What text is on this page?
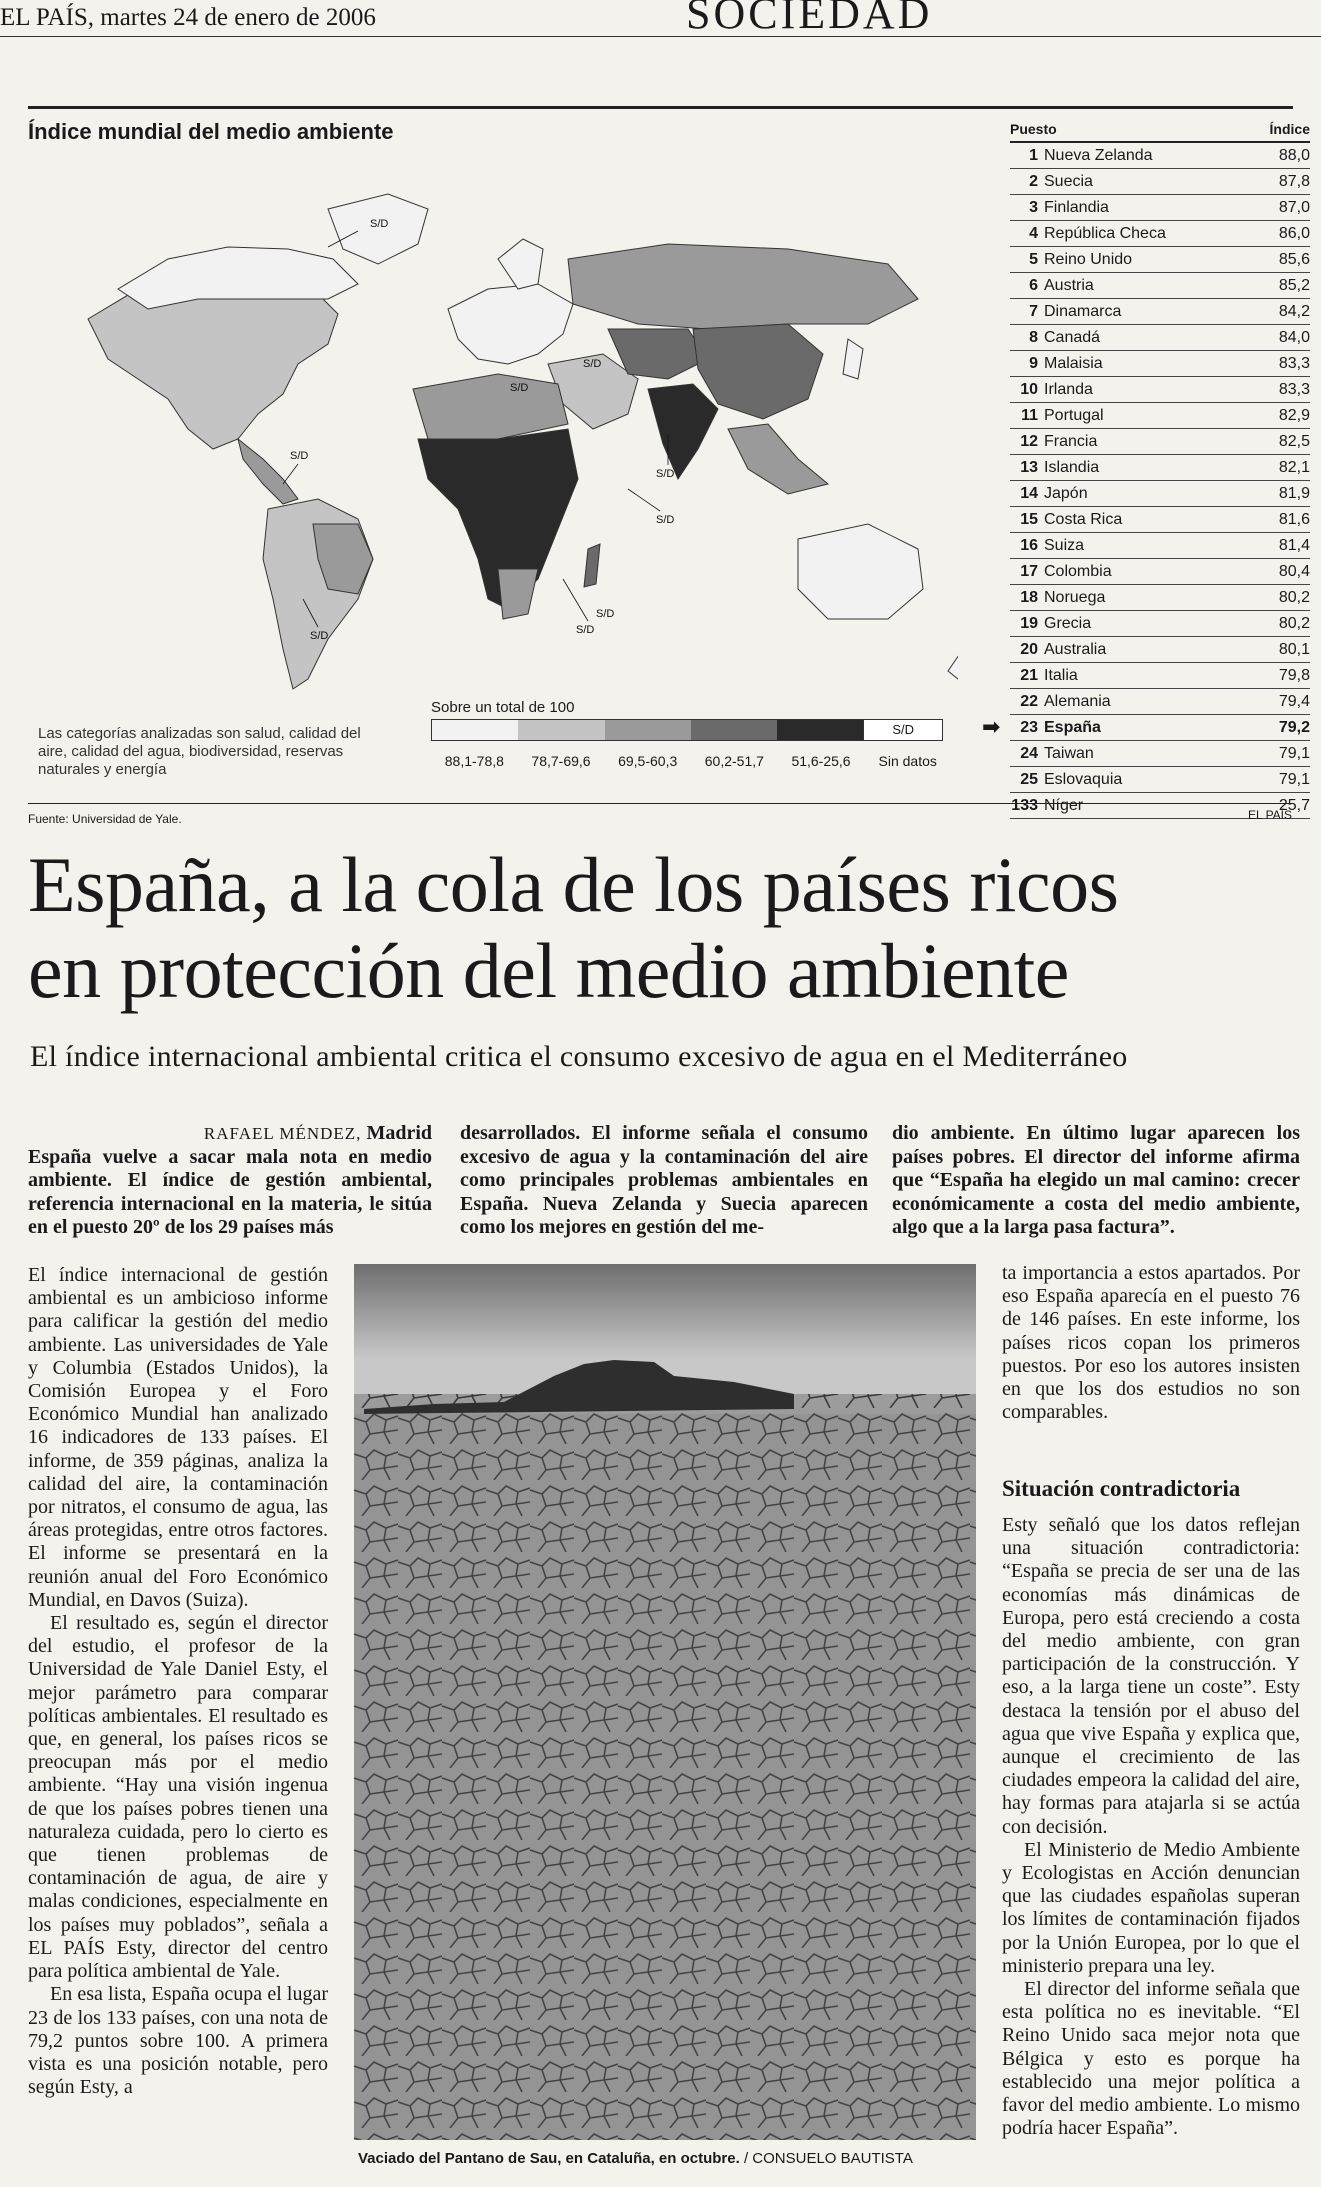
EL PAÍS, martes 24 de enero de 2006	SOCIEDAD
Índice mundial del medio ambiente
S/D
S/D
S/D
S/D
S/D
S/D
S/D
S/D
S/D
Las categorías analizadas son salud, calidad del aire, calidad del agua, biodiversidad, reservas naturales y energía
Sobre un total de 100
S/D
88,1-78,8	78,7-69,6	69,5-60,3	60,2-51,7	51,6-25,6	Sin datos
Puesto	Índice
1 Nueva Zelanda	88,0
2 Suecia	87,8
3 Finlandia	87,0
4 República Checa	86,0
5 Reino Unido	85,6
6 Austria	85,2
7 Dinamarca	84,2
8 Canadá	84,0
9 Malaisia	83,3
10 Irlanda	83,3
11 Portugal	82,9
12 Francia	82,5
13 Islandia	82,1
14 Japón	81,9
15 Costa Rica	81,6
16 Suiza	81,4
17 Colombia	80,4
18 Noruega	80,2
19 Grecia	80,2
20 Australia	80,1
21 Italia	79,8
22 Alemania	79,4
➡	23 España	79,2
24 Taiwan	79,1
25 Eslovaquia	79,1
133 Níger	25,7
Fuente: Universidad de Yale.	EL PAÍS
España, a la cola de los países ricos
en protección del medio ambiente
El índice internacional ambiental critica el consumo excesivo de agua en el Mediterráneo
RAFAEL MÉNDEZ, Madrid
España vuelve a sacar mala nota en medio ambiente. El índice de gestión ambiental, referencia internacional en la materia, le sitúa en el puesto 20º de los 29 países más
desarrollados. El informe señala el consumo excesivo de agua y la contaminación del aire como principales problemas ambientales en España. Nueva Zelanda y Suecia aparecen como los mejores en gestión del me-
dio ambiente. En último lugar aparecen los países pobres. El director del informe afirma que “España ha elegido un mal camino: crecer económicamente a costa del medio ambiente, algo que a la larga pasa factura”.

El índice internacional de gestión ambiental es un ambicioso informe para calificar la gestión del medio ambiente. Las universidades de Yale y Columbia (Estados Unidos), la Comisión Europea y el Foro Económico Mundial han analizado 16 indicadores de 133 países. El informe, de 359 páginas, analiza la calidad del aire, la contaminación por nitratos, el consumo de agua, las áreas protegidas, entre otros factores. El informe se presentará en la reunión anual del Foro Económico Mundial, en Davos (Suiza).

El resultado es, según el director del estudio, el profesor de la Universidad de Yale Daniel Esty, el mejor parámetro para comparar políticas ambientales. El resultado es que, en general, los países ricos se preocupan más por el medio ambiente. “Hay una visión ingenua de que los países pobres tienen una naturaleza cuidada, pero lo cierto es que tienen problemas de contaminación de agua, de aire y malas condiciones, especialmente en los países muy poblados”, señala a EL PAÍS Esty, director del centro para política ambiental de Yale.

En esa lista, España ocupa el lugar 23 de los 133 países, con una nota de 79,2 puntos sobre 100. A primera vista es una posición notable, pero según Esty, a

Vaciado del Pantano de Sau, en Cataluña, en octubre. / CONSUELO BAUTISTA

ta importancia a estos apartados. Por eso España aparecía en el puesto 76 de 146 países. En este informe, los países ricos copan los primeros puestos. Por eso los autores insisten en que los dos estudios no son comparables.

Situación contradictoria

Esty señaló que los datos reflejan una situación contradictoria: “España se precia de ser una de las economías más dinámicas de Europa, pero está creciendo a costa del medio ambiente, con gran participación de la construcción. Y eso, a la larga tiene un coste”. Esty destaca la tensión por el abuso del agua que vive España y explica que, aunque el crecimiento de las ciudades empeora la calidad del aire, hay formas para atajarla si se actúa con decisión.

El Ministerio de Medio Ambiente y Ecologistas en Acción denuncian que las ciudades españolas superan los límites de contaminación fijados por la Unión Europea, por lo que el ministerio prepara una ley.

El director del informe señala que esta política no es inevitable. “El Reino Unido saca mejor nota que Bélgica y esto es porque ha establecido una mejor política a favor del medio ambiente. Lo mismo podría hacer España”.
